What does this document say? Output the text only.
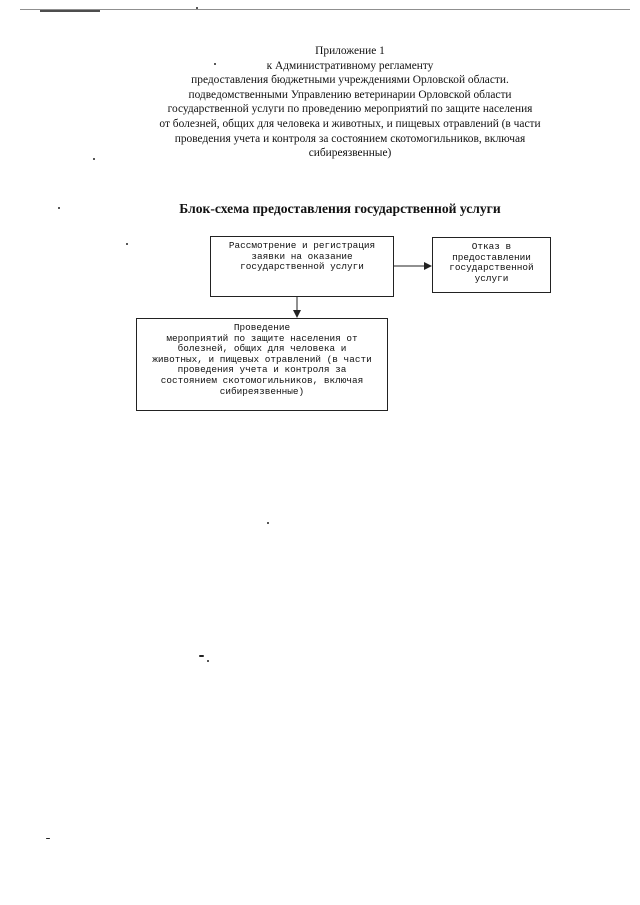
Приложение 1
к Административному регламенту
предоставления бюджетными учреждениями Орловской области.
подведомственными Управлению ветеринарии Орловской области
государственной услуги по проведению мероприятий по защите населения
от болезней, общих для человека и животных, и пищевых отравлений (в части
проведения учета и контроля за состоянием скотомогильников, включая
сибиреязвенные)
Блок-схема предоставления государственной услуги
Рассмотрение и регистрация
заявки на оказание
государственной услуги
Отказ в
предоставлении
государственной
услуги
Проведение
мероприятий по защите населения от
болезней, общих для человека и
животных, и пищевых отравлений (в части
проведения учета и контроля за
состоянием скотомогильников, включая
сибиреязвенные)
